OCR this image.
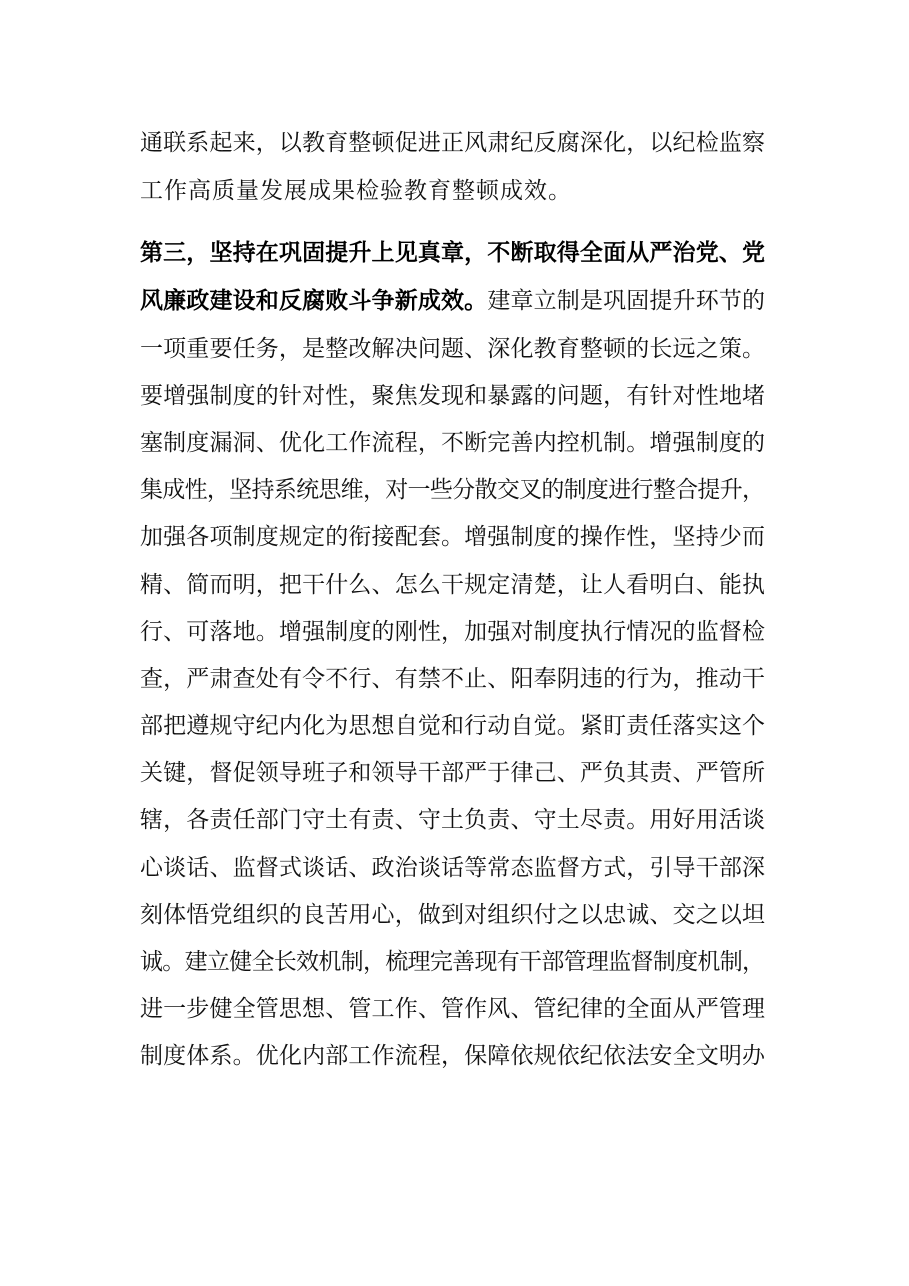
通联系起来，以教育整顿促进正风肃纪反腐深化，以纪检监察
工作高质量发展成果检验教育整顿成效。
第三，坚持在巩固提升上见真章，不断取得全面从严治党、党
风廉政建设和反腐败斗争新成效。建章立制是巩固提升环节的
一项重要任务，是整改解决问题、深化教育整顿的长远之策。
要增强制度的针对性，聚焦发现和暴露的问题，有针对性地堵
塞制度漏洞、优化工作流程，不断完善内控机制。增强制度的
集成性，坚持系统思维，对一些分散交叉的制度进行整合提升，
加强各项制度规定的衔接配套。增强制度的操作性，坚持少而
精、简而明，把干什么、怎么干规定清楚，让人看明白、能执
行、可落地。增强制度的刚性，加强对制度执行情况的监督检
查，严肃查处有令不行、有禁不止、阳奉阴违的行为，推动干
部把遵规守纪内化为思想自觉和行动自觉。紧盯责任落实这个
关键，督促领导班子和领导干部严于律己、严负其责、严管所
辖，各责任部门守土有责、守土负责、守土尽责。用好用活谈
心谈话、监督式谈话、政治谈话等常态监督方式，引导干部深
刻体悟党组织的良苦用心，做到对组织付之以忠诚、交之以坦
诚。建立健全长效机制，梳理完善现有干部管理监督制度机制，
进一步健全管思想、管工作、管作风、管纪律的全面从严管理
制度体系。优化内部工作流程，保障依规依纪依法安全文明办
